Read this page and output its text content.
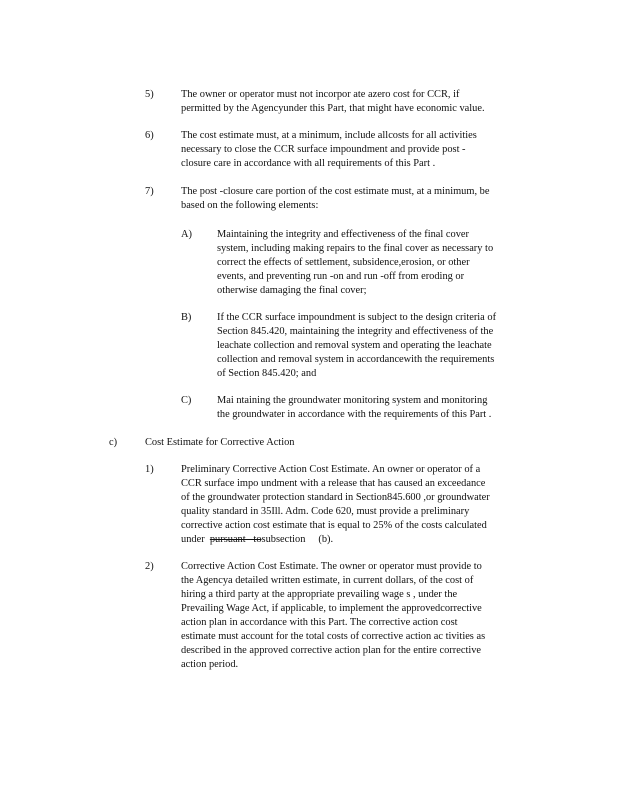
5)	The owner or operator must not incorpor ate azero cost for CCR, if
permitted by the Agencyunder this Part, that might have economic value.
6)	The cost estimate must, at a minimum, include allcosts for all activities
necessary to close the CCR surface impoundment and provide post -
closure care in accordance with all requirements of this Part .
7)	The post -closure care portion of the cost estimate must, at a minimum, be
based on the following elements:
A) Maintaining the integrity and effectiveness of the final cover
system, including making repairs to the final cover as necessary to
correct the effects of settlement, subsidence,erosion, or other
events, and preventing run -on and run -off from eroding or
otherwise damaging the final cover;
B) If the CCR surface impoundment is subject to the design criteria of
Section 845.420, maintaining the integrity and effectiveness of the
leachate collection and removal system and operating the leachate
collection and removal system in accordancewith the requirements
of Section 845.420; and
C) Mai ntaining the groundwater monitoring system and monitoring
the groundwater in accordance with the requirements of this Part .
c)	Cost Estimate for Corrective Action
1)	Preliminary Corrective Action Cost Estimate. An owner or operator of a
CCR surface impo undment with a release that has caused an exceedance
of the groundwater protection standard in Section845.600 ,or groundwater
quality standard in 35Ill. Adm. Code 620, must provide a preliminary
corrective action cost estimate that is equal to 25% of the costs calculated
under  pursuant   tosubsection     (b).
2)	Corrective Action Cost Estimate. The owner or operator must provide to
the Agencya detailed written estimate, in current dollars, of the cost of
hiring a third party at the appropriate prevailing wage s , under the
Prevailing Wage Act, if applicable, to implement the approvedcorrective
action plan in accordance with this Part. The corrective action cost
estimate must account for the total costs of corrective action ac tivities as
described in the approved corrective action plan for the entire corrective
action period.
